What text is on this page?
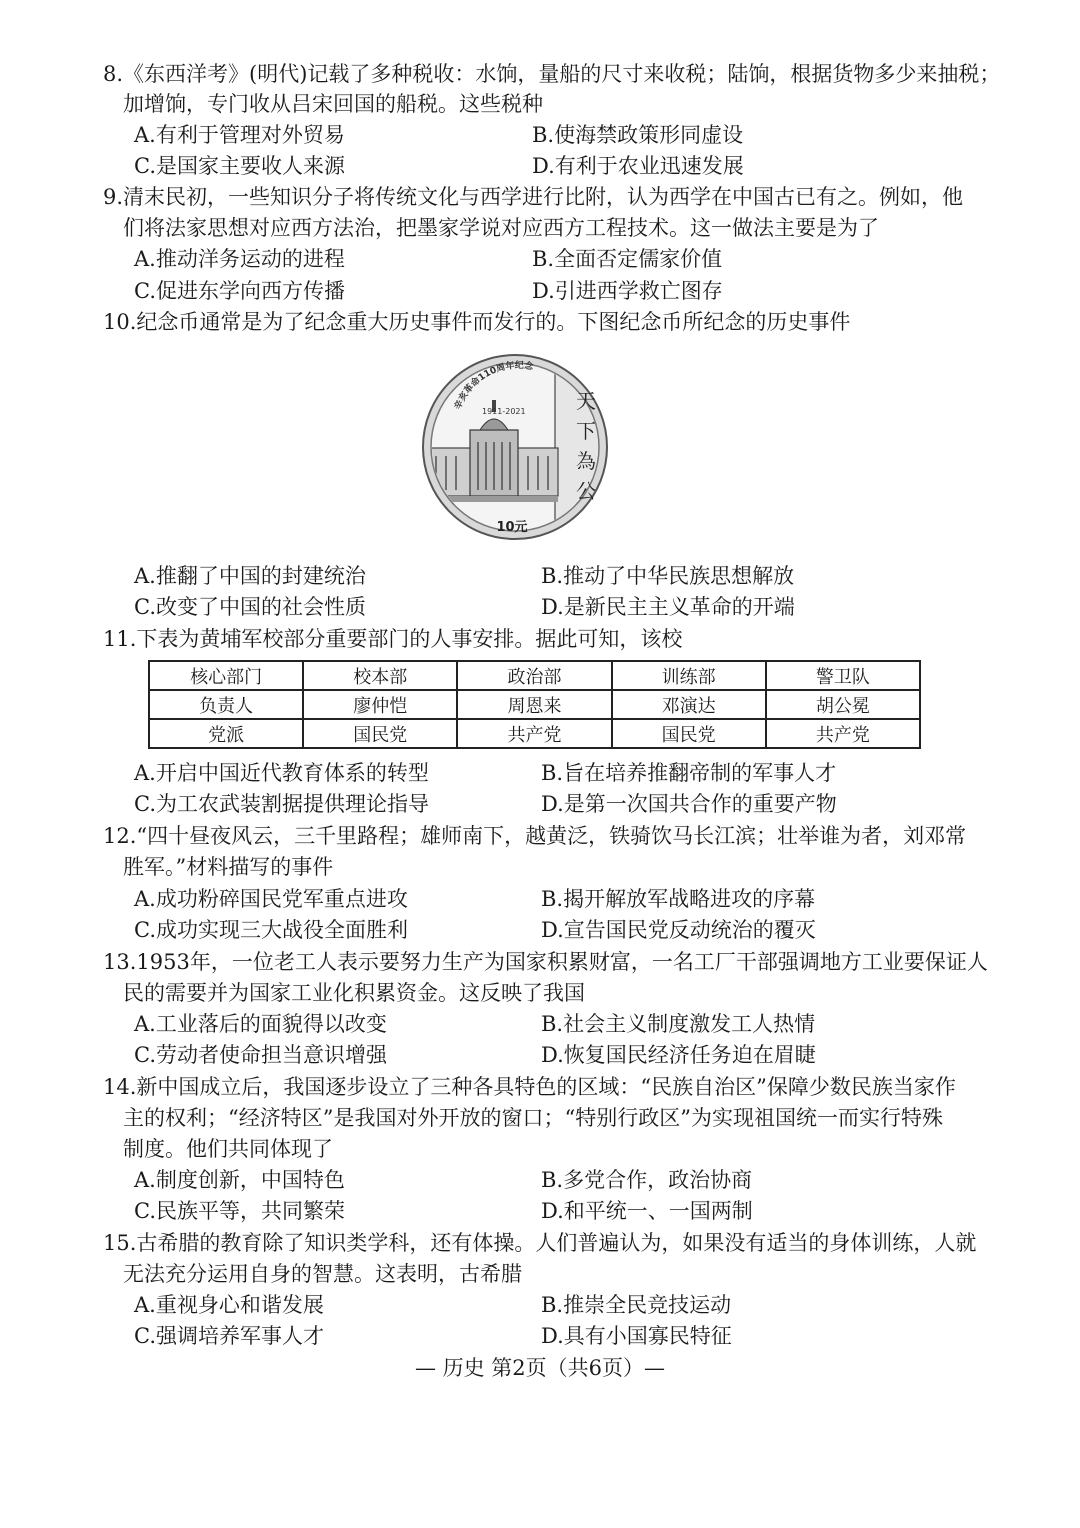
8.《东西洋考》(明代)记载了多种税收：水饷，量船的尺寸来收税；陆饷，根据货物多少来抽税；
加增饷，专门收从吕宋回国的船税。这些税种
A.有利于管理对外贸易	B.使海禁政策形同虚设
C.是国家主要收人来源	D.有利于农业迅速发展
9.清末民初，一些知识分子将传统文化与西学进行比附，认为西学在中国古已有之。例如，他
们将法家思想对应西方法治，把墨家学说对应西方工程技术。这一做法主要是为了
A.推动洋务运动的进程	B.全面否定儒家价值
C.促进东学向西方传播	D.引进西学救亡图存
10.纪念币通常是为了纪念重大历史事件而发行的。下图纪念币所纪念的历史事件
辛亥革命110周年纪念
1911-2021	天
下
為
公
10元
A.推翻了中国的封建统治	B.推动了中华民族思想解放
C.改变了中国的社会性质	D.是新民主主义革命的开端
11.下表为黄埔军校部分重要部门的人事安排。据此可知，该校
核心部门	校本部	政治部	训练部	警卫队
负责人	廖仲恺	周恩来	邓演达	胡公冕
党派	国民党	共产党	国民党	共产党
A.开启中国近代教育体系的转型	B.旨在培养推翻帝制的军事人才
C.为工农武装割据提供理论指导	D.是第一次国共合作的重要产物
12.“四十昼夜风云，三千里路程；雄师南下，越黄泛，铁骑饮马长江滨；壮举谁为者，刘邓常
胜军。”材料描写的事件
A.成功粉碎国民党军重点进攻	B.揭开解放军战略进攻的序幕
C.成功实现三大战役全面胜利	D.宣告国民党反动统治的覆灭
13.1953年，一位老工人表示要努力生产为国家积累财富，一名工厂干部强调地方工业要保证人
民的需要并为国家工业化积累资金。这反映了我国
A.工业落后的面貌得以改变	B.社会主义制度激发工人热情
C.劳动者使命担当意识增强	D.恢复国民经济任务迫在眉睫
14.新中国成立后，我国逐步设立了三种各具特色的区域：“民族自治区”保障少数民族当家作
主的权利；“经济特区”是我国对外开放的窗口；“特别行政区”为实现祖国统一而实行特殊
制度。他们共同体现了
A.制度创新，中国特色	B.多党合作，政治协商
C.民族平等，共同繁荣	D.和平统一、一国两制
15.古希腊的教育除了知识类学科，还有体操。人们普遍认为，如果没有适当的身体训练，人就
无法充分运用自身的智慧。这表明，古希腊
A.重视身心和谐发展	B.推崇全民竞技运动
C.强调培养军事人才	D.具有小国寡民特征
— 历史 第2页（共6页）—
